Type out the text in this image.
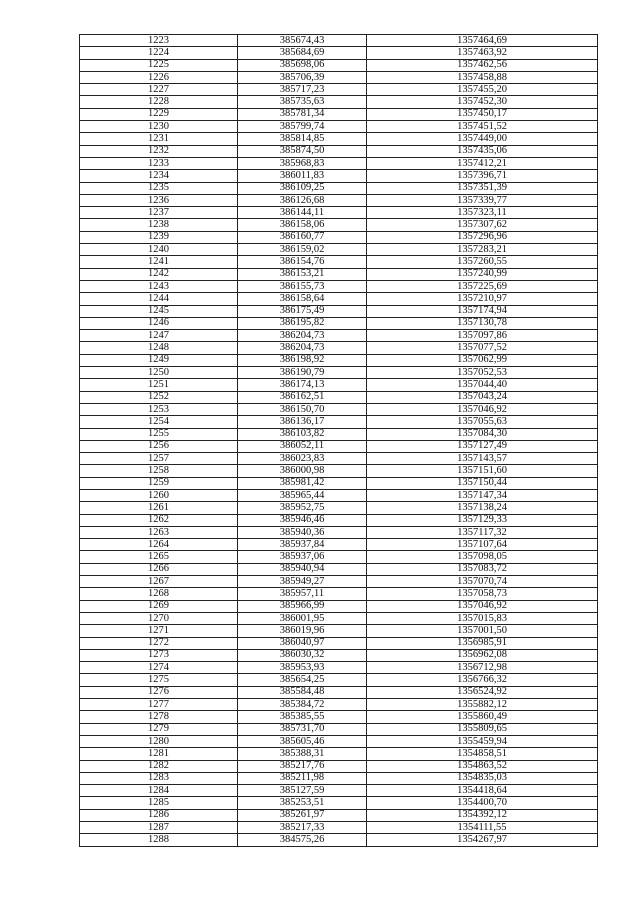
1223	385674,43	1357464,69
1224	385684,69	1357463,92
1225	385698,06	1357462,56
1226	385706,39	1357458,88
1227	385717,23	1357455,20
1228	385735,63	1357452,30
1229	385781,34	1357450,17
1230	385799,74	1357451,52
1231	385814,85	1357449,00
1232	385874,50	1357435,06
1233	385968,83	1357412,21
1234	386011,83	1357396,71
1235	386109,25	1357351,39
1236	386126,68	1357339,77
1237	386144,11	1357323,11
1238	386158,06	1357307,62
1239	386160,77	1357296,96
1240	386159,02	1357283,21
1241	386154,76	1357260,55
1242	386153,21	1357240,99
1243	386155,73	1357225,69
1244	386158,64	1357210,97
1245	386175,49	1357174,94
1246	386195,82	1357130,78
1247	386204,73	1357097,86
1248	386204,73	1357077,52
1249	386198,92	1357062,99
1250	386190,79	1357052,53
1251	386174,13	1357044,40
1252	386162,51	1357043,24
1253	386150,70	1357046,92
1254	386136,17	1357055,63
1255	386103,82	1357084,30
1256	386052,11	1357127,49
1257	386023,83	1357143,57
1258	386000,98	1357151,60
1259	385981,42	1357150,44
1260	385965,44	1357147,34
1261	385952,75	1357138,24
1262	385946,46	1357129,33
1263	385940,36	1357117,32
1264	385937,84	1357107,64
1265	385937,06	1357098,05
1266	385940,94	1357083,72
1267	385949,27	1357070,74
1268	385957,11	1357058,73
1269	385966,99	1357046,92
1270	386001,95	1357015,83
1271	386019,96	1357001,50
1272	386040,97	1356985,91
1273	386030,32	1356962,08
1274	385953,93	1356712,98
1275	385654,25	1356766,32
1276	385584,48	1356524,92
1277	385384,72	1355882,12
1278	385385,55	1355860,49
1279	385731,70	1355809,65
1280	385605,46	1355459,94
1281	385388,31	1354858,51
1282	385217,76	1354863,52
1283	385211,98	1354835,03
1284	385127,59	1354418,64
1285	385253,51	1354400,70
1286	385261,97	1354392,12
1287	385217,33	1354111,55
1288	384575,26	1354267,97
